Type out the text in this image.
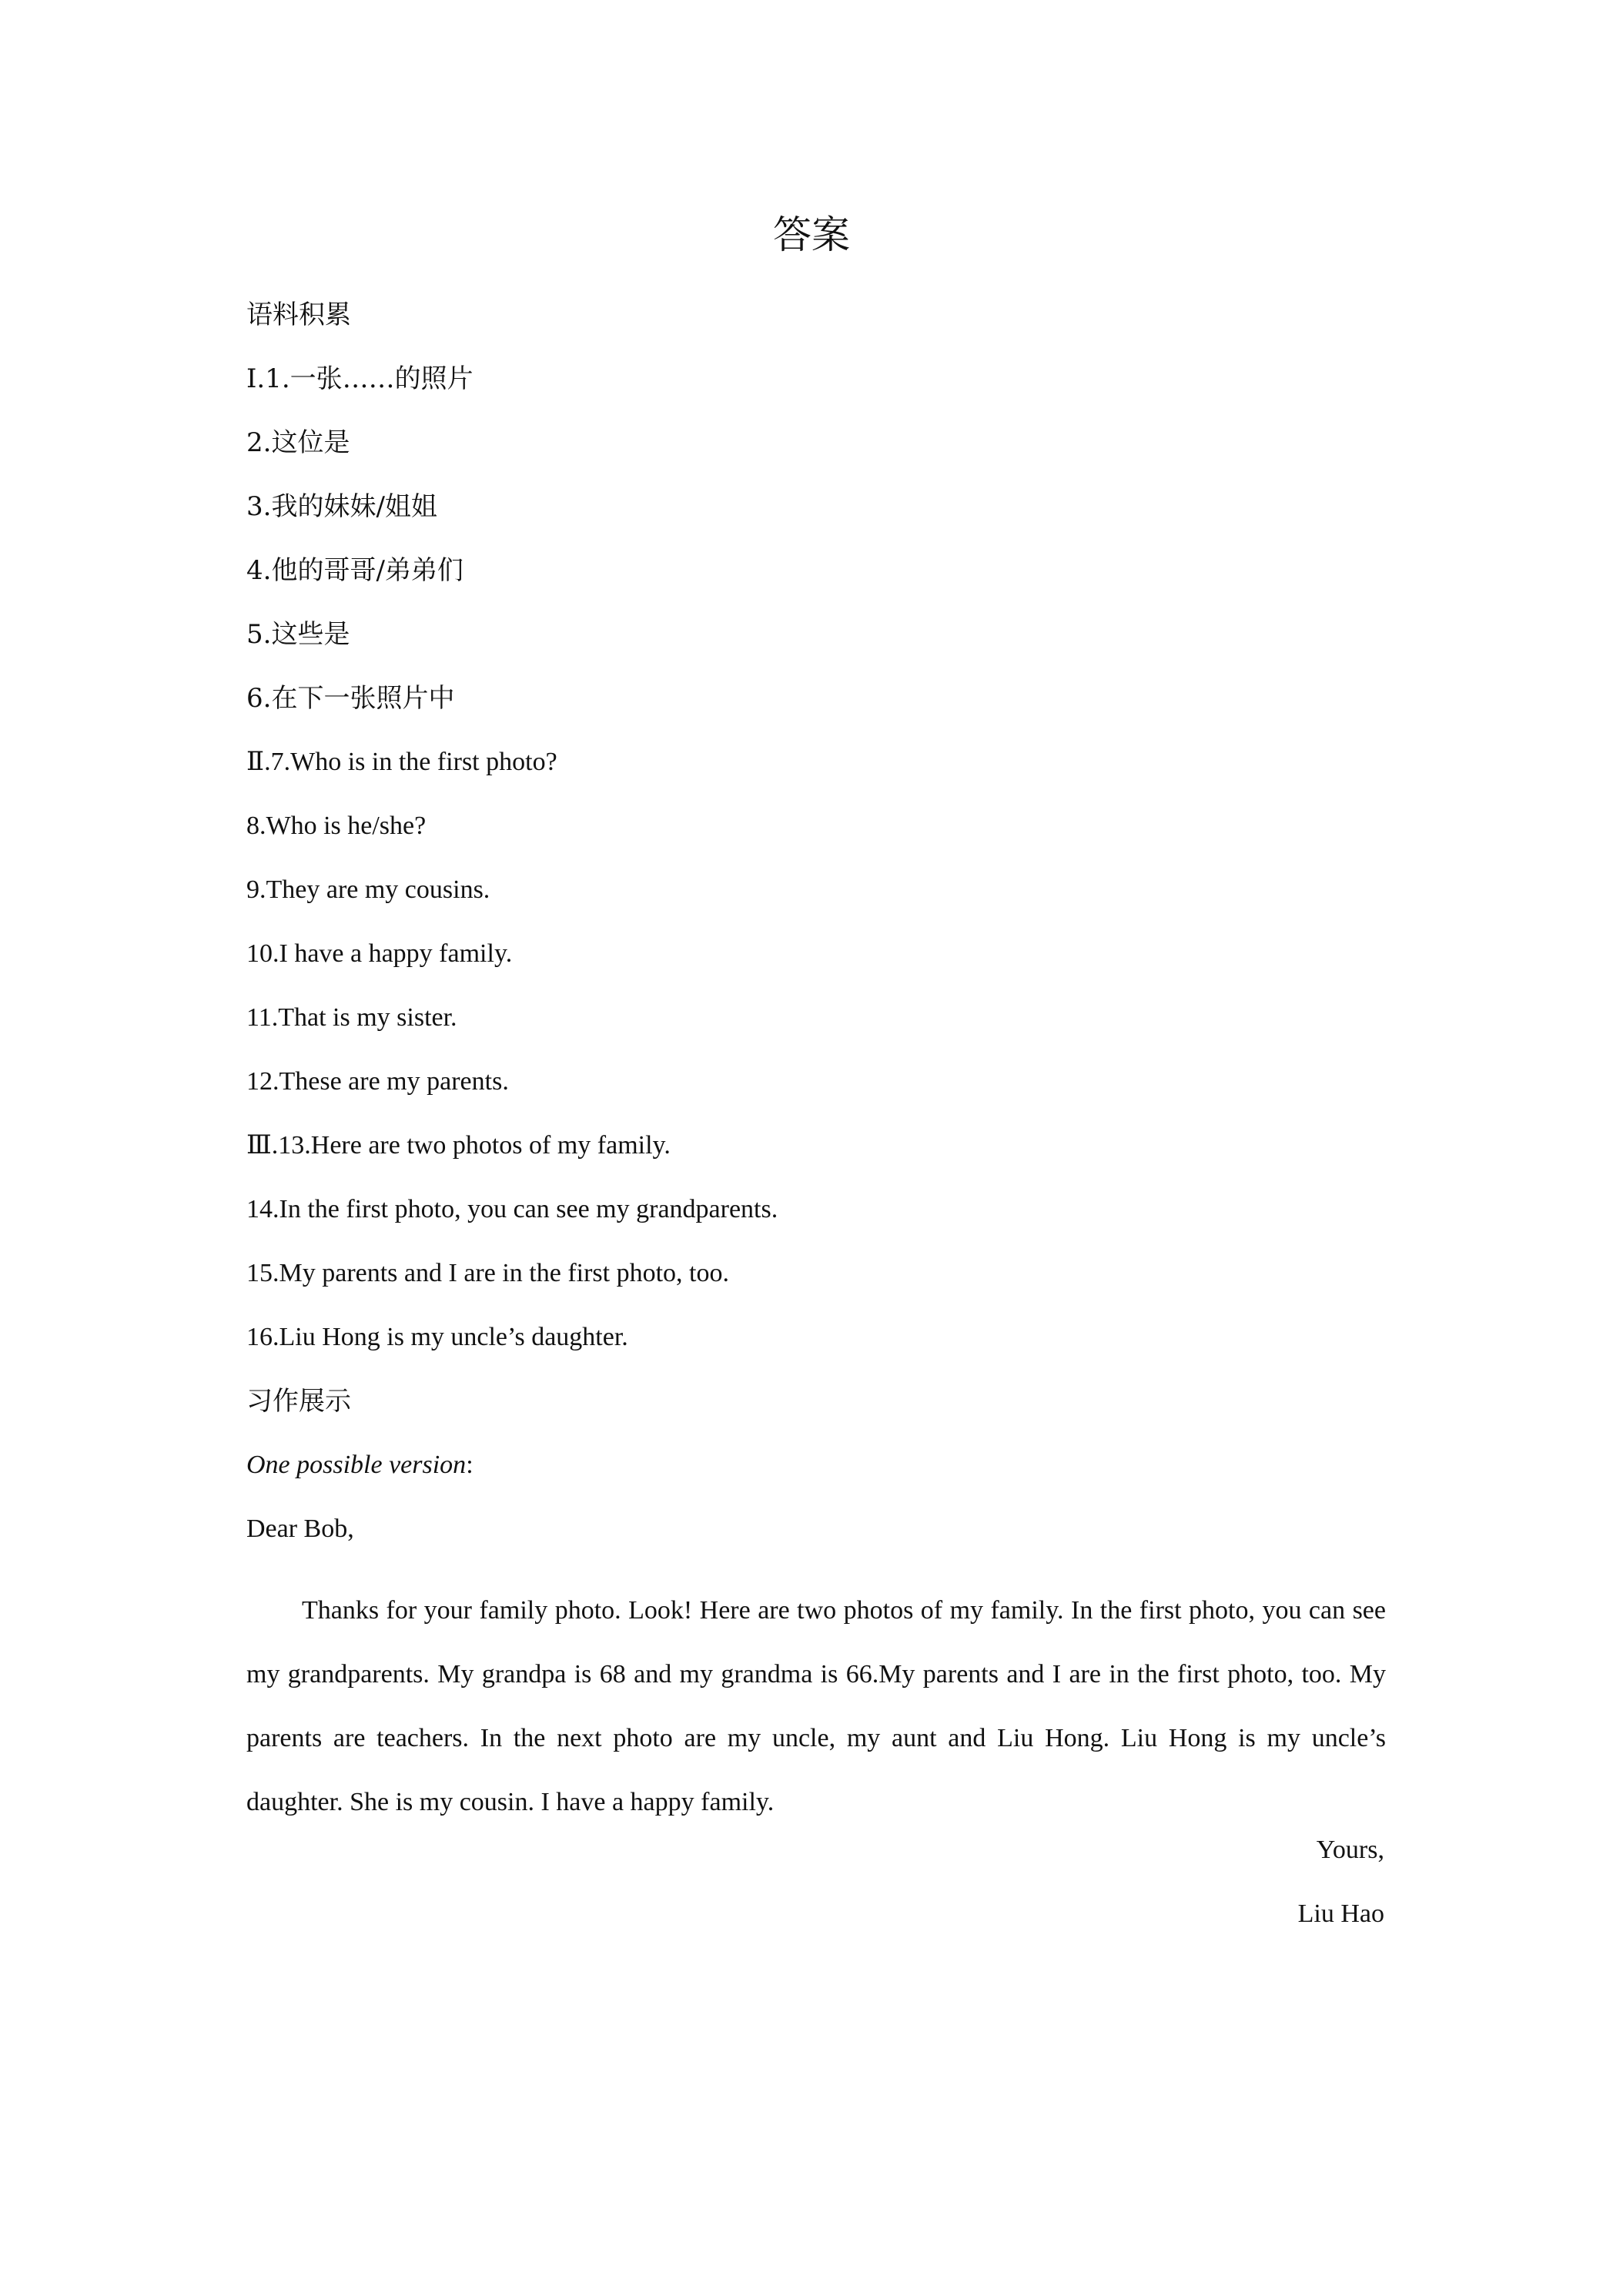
答案
语料积累
Ⅰ.1.一张……的照片
2.这位是
3.我的妹妹/姐姐
4.他的哥哥/弟弟们
5.这些是
6.在下一张照片中
Ⅱ.7.Who is in the first photo?
8.Who is he/she?
9.They are my cousins.
10.I have a happy family.
11.That is my sister.
12.These are my parents.
Ⅲ.13.Here are two photos of my family.
14.In the first photo, you can see my grandparents.
15.My parents and I are in the first photo, too.
16.Liu Hong is my uncle’s daughter.
习作展示
One possible version:
Dear Bob,
Thanks for your family photo. Look! Here are two photos of my family. In the first photo, you can see my grandparents. My grandpa is 68 and my grandma is 66.My parents and I are in the first photo, too. My parents are teachers. In the next photo are my uncle, my aunt and Liu Hong. Liu Hong is my uncle’s daughter. She is my cousin. I have a happy family.
Yours,
Liu Hao
